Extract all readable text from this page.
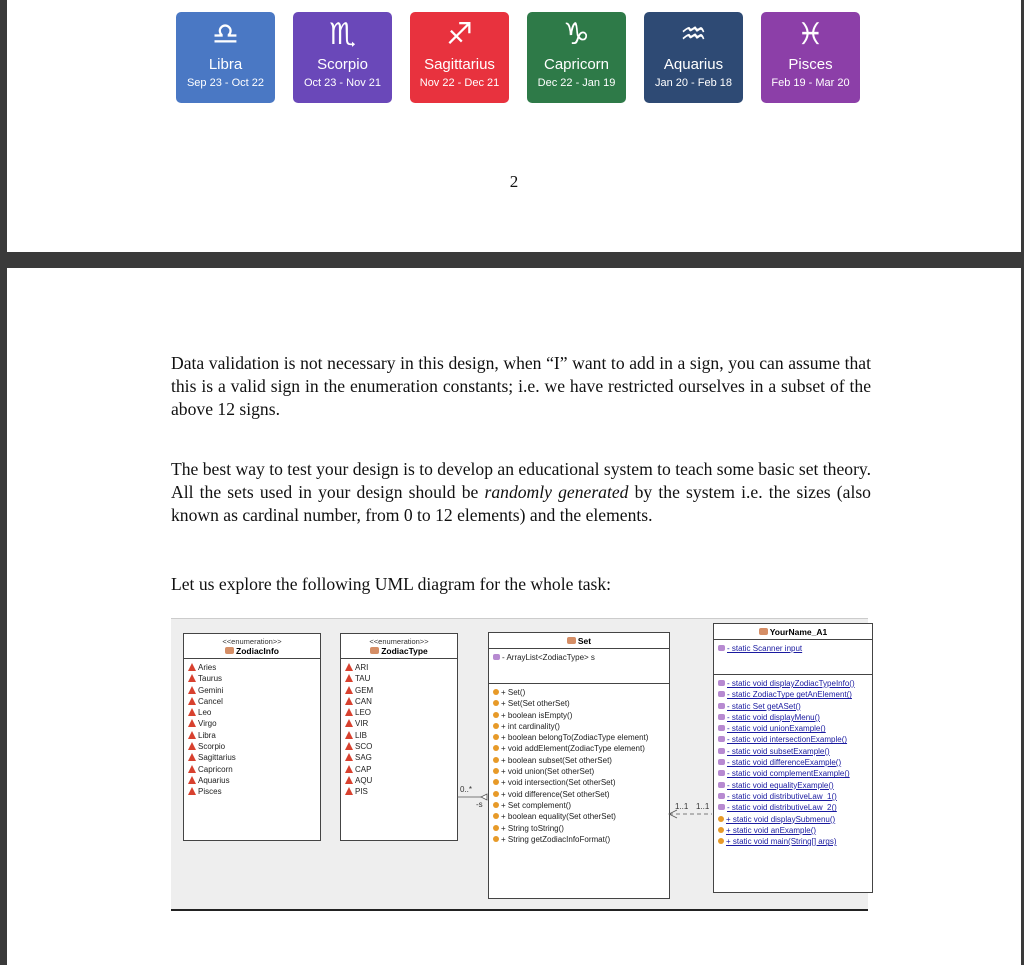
♎
Libra
Sep 23 - Oct 22
♏
Scorpio
Oct 23 - Nov 21
♐
Sagittarius
Nov 22 - Dec 21
♑
Capricorn
Dec 22 - Jan 19
♒
Aquarius
Jan 20 - Feb 18
♓
Pisces
Feb 19 - Mar 20
2

Data validation is not necessary in this design, when “I” want to add in a sign, you can assume that this is a valid sign in the enumeration constants; i.e. we have restricted ourselves in a subset of the above 12 signs.

The best way to test your design is to develop an educational system to teach some basic set theory. All the sets used in your design should be randomly generated by the system i.e. the sizes (also known as cardinal number, from 0 to 12 elements) and the elements.

Let us explore the following UML diagram for the whole task:

<<enumeration>>
ZodiacInfo
Aries
Taurus
Gemini
Cancel
Leo
Virgo
Libra
Scorpio
Sagittarius
Capricorn
Aquarius
Pisces
<<enumeration>>
ZodiacType
ARI
TAU
GEM
CAN
LEO
VIR
LIB
SCO
SAG
CAP
AQU
PIS
Set
- ArrayList<ZodiacType> s
+ Set()
+ Set(Set otherSet)
+ boolean isEmpty()
+ int cardinality()
+ boolean belongTo(ZodiacType element)
+ void addElement(ZodiacType element)
+ boolean subset(Set otherSet)
+ void union(Set otherSet)
+ void intersection(Set otherSet)
+ void difference(Set otherSet)
+ Set complement()
+ boolean equality(Set otherSet)
+ String toString()
+ String getZodiacInfoFormat()
YourName_A1
- static Scanner input
- static void displayZodiacTypeInfo()
- static ZodiacType getAnElement()
- static Set getASet()
- static void displayMenu()
- static void unionExample()
- static void intersectionExample()
- static void subsetExample()
- static void differenceExample()
- static void complementExample()
- static void equalityExample()
- static void distributiveLaw_1()
- static void distributiveLaw_2()
+ static void displaySubmenu()
+ static void anExample()
+ static void main(String[] args)
0..*
-s	1..1 1..1
